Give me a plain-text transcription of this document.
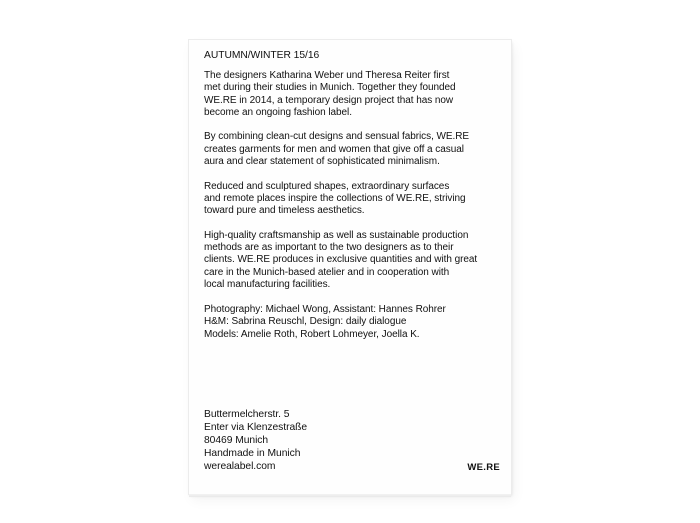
AUTUMN/WINTER 15/16

The designers Katharina Weber und Theresa Reiter first
met during their studies in Munich. Together they founded
WE.RE in 2014, a temporary design project that has now
become an ongoing fashion label.

By combining clean-cut designs and sensual fabrics, WE.RE
creates garments for men and women that give off a casual
aura and clear statement of sophisticated minimalism.

Reduced and sculptured shapes, extraordinary surfaces
and remote places inspire the collections of WE.RE, striving
toward pure and timeless aesthetics.

High-quality craftsmanship as well as sustainable production
methods are as important to the two designers as to their
clients. WE.RE produces in exclusive quantities and with great
care in the Munich-based atelier and in cooperation with
local manufacturing facilities.

Photography: Michael Wong, Assistant: Hannes Rohrer
H&M: Sabrina Reuschl, Design: daily dialogue
Models: Amelie Roth, Robert Lohmeyer, Joella K.
Buttermelcherstr. 5
Enter via Klenzestraße
80469 Munich
Handmade in Munich
werealabel.com	WE.RE
